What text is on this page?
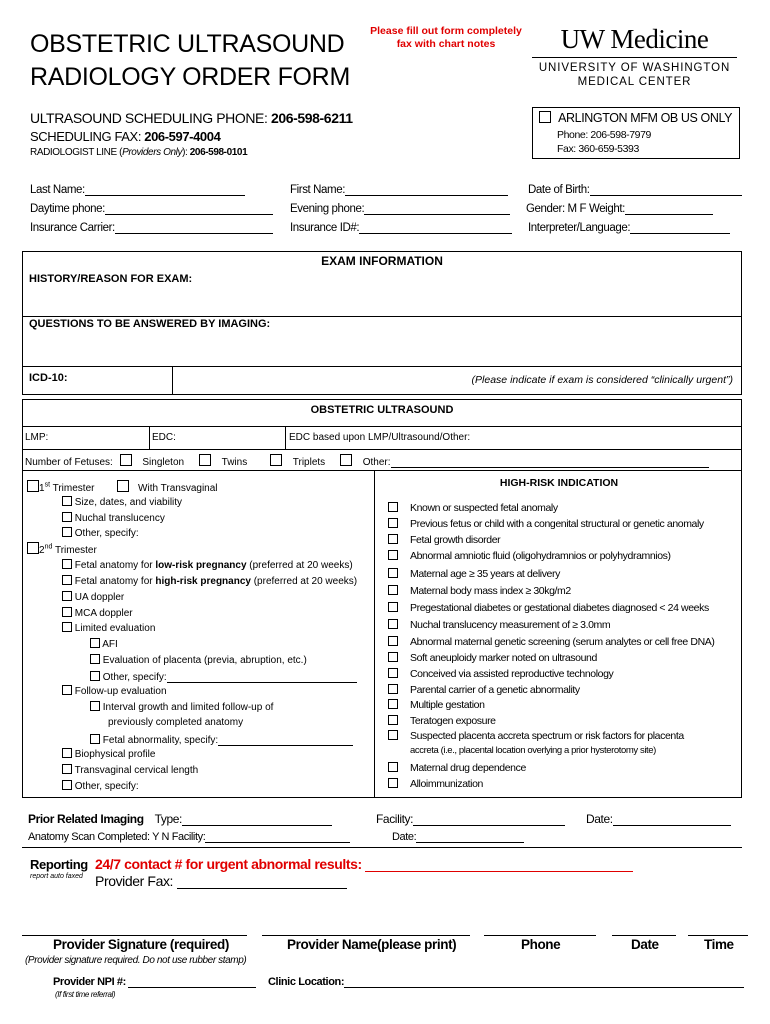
OBSTETRIC ULTRASOUND
RADIOLOGY ORDER FORM
Please fill out form completely
fax with chart notes	UW Medicine
UNIVERSITY OF WASHINGTON
MEDICAL CENTER
ULTRASOUND SCHEDULING PHONE: 206-598-6211
SCHEDULING FAX: 206-597-4004
RADIOLOGIST LINE (Providers Only): 206-598-0101
ARLINGTON MFM OB US ONLY
Phone: 206-598-7979
Fax: 360-659-5393
Last Name:	First Name:	Date of Birth:
Daytime phone:	Evening phone:	Gender: M F Weight:
Insurance Carrier:	Insurance ID#:	Interpreter/Language:
EXAM INFORMATION
HISTORY/REASON FOR EXAM:
QUESTIONS TO BE ANSWERED BY IMAGING:
ICD-10:	(Please indicate if exam is considered “clinically urgent”)
OBSTETRIC ULTRASOUND
LMP:	EDC:	EDC based upon LMP/Ultrasound/Other:
Number of Fetuses:	Singleton	Twins	Triplets	Other:
HIGH-RISK INDICATION
1st Trimester	With Transvaginal
Size, dates, and viability
Nuchal translucency
Other, specify:
2nd Trimester
Fetal anatomy for low-risk pregnancy (preferred at 20 weeks)
Fetal anatomy for high-risk pregnancy (preferred at 20 weeks)
UA doppler
MCA doppler
Limited evaluation
AFI
Evaluation of placenta (previa, abruption, etc.)
Other, specify:
Follow-up evaluation
Interval growth and limited follow-up of
previously completed anatomy
Fetal abnormality, specify:
Biophysical profile
Transvaginal cervical length
Other, specify:
Known or suspected fetal anomaly
Previous fetus or child with a congenital structural or genetic anomaly
Fetal growth disorder
Abnormal amniotic fluid (oligohydramnios or polyhydramnios)
Maternal age ≥ 35 years at delivery
Maternal body mass index ≥ 30kg/m2
Pregestational diabetes or gestational diabetes diagnosed < 24 weeks
Nuchal translucency measurement of ≥ 3.0mm
Abnormal maternal genetic screening (serum analytes or cell free DNA)
Soft aneuploidy marker noted on ultrasound
Conceived via assisted reproductive technology
Parental carrier of a genetic abnormality
Multiple gestation
Teratogen exposure
Suspected placenta accreta spectrum or risk factors for placenta
accreta (i.e., placental location overlying a prior hysterotomy site)
Maternal drug dependence
Alloimmunization
Prior Related Imaging Type:	Facility:	Date:
Anatomy Scan Completed: Y N Facility:	Date:
Reporting
report auto faxed
24/7 contact # for urgent abnormal results:
Provider Fax:
Provider Signature (required)	Provider Name(please print)	Phone	Date	Time
(Provider signature required. Do not use rubber stamp)
Provider NPI #:	Clinic Location:
(If first time referral)
